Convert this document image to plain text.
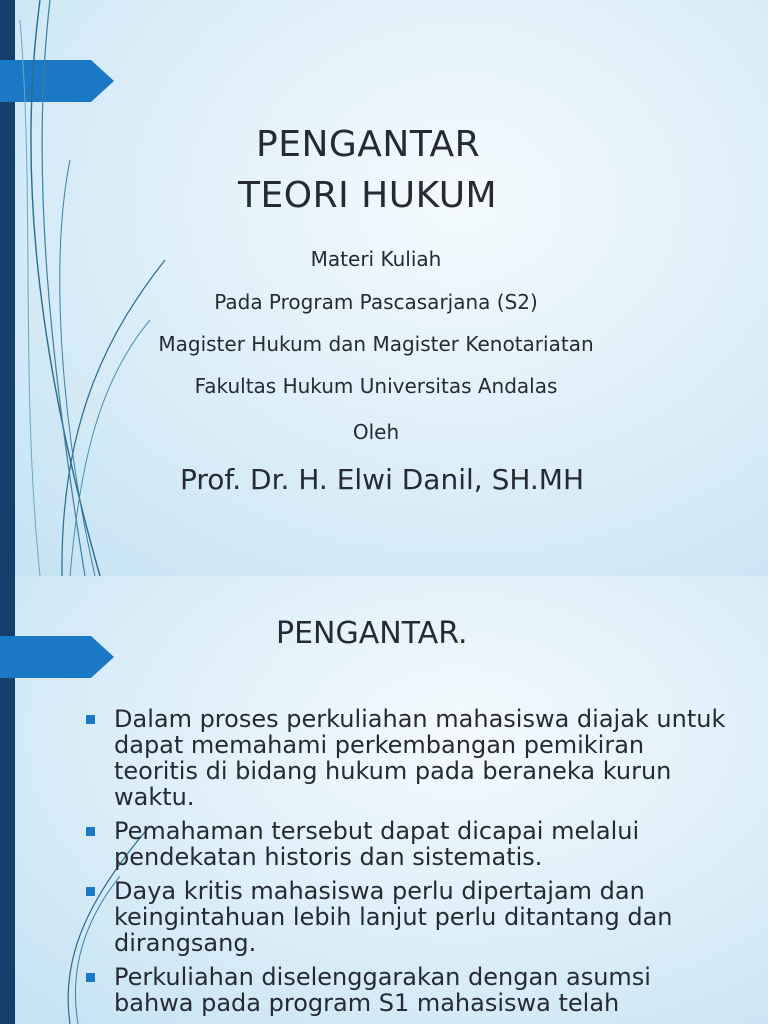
PENGANTAR
TEORI HUKUM
Materi Kuliah
Pada Program Pascasarjana (S2)
Magister Hukum dan Magister Kenotariatan
Fakultas Hukum Universitas Andalas
Oleh
Prof. Dr. H. Elwi Danil, SH.MH
PENGANTAR.
Dalam proses perkuliahan mahasiswa diajak untuk dapat memahami perkembangan pemikiran teoritis di bidang hukum pada beraneka kurun waktu.
Pemahaman tersebut dapat dicapai melalui pendekatan historis dan sistematis.
Daya kritis mahasiswa perlu dipertajam dan keingintahuan lebih lanjut perlu ditantang dan dirangsang.
Perkuliahan diselenggarakan dengan asumsi bahwa pada program S1 mahasiswa telah
